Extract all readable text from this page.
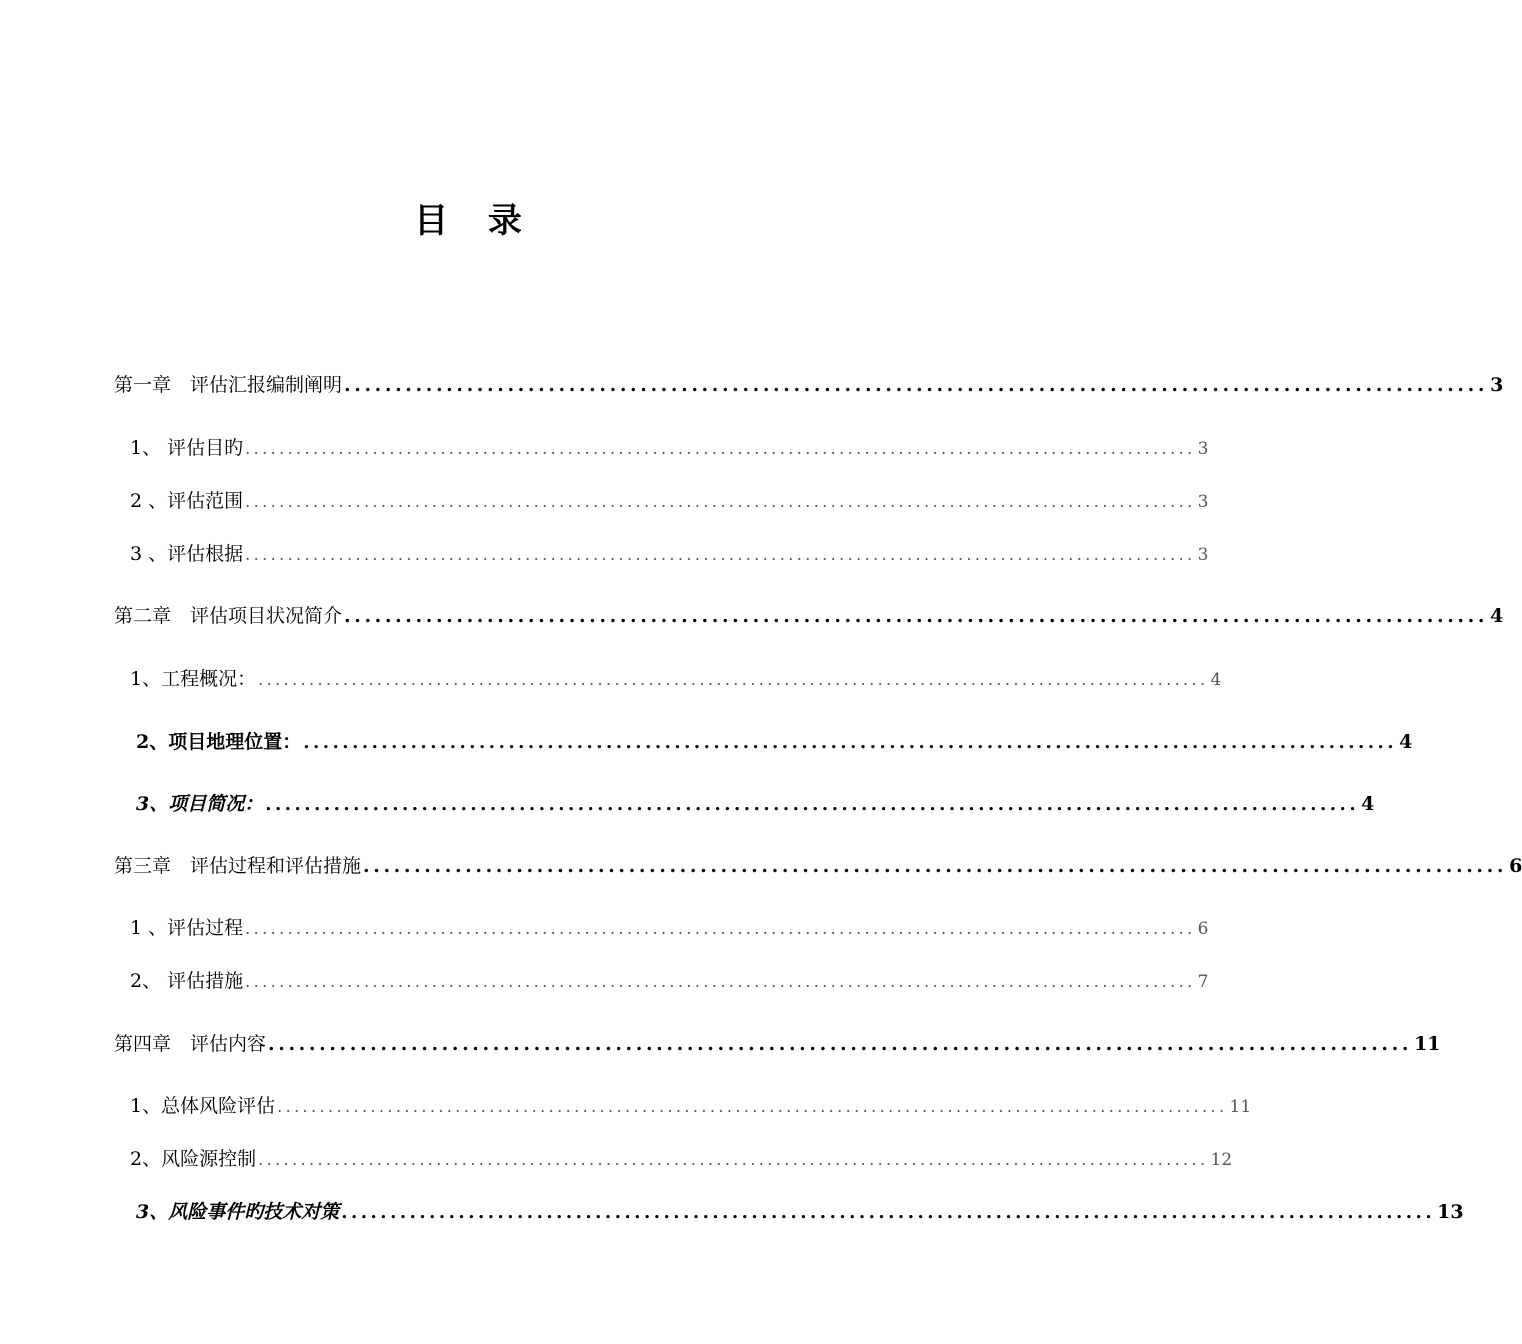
目 录
第一章　评估汇报编制阐明 ................................................................................................................ 3
1、 评估目旳 ................................................................................................................ 3
2 、评估范围 ................................................................................................................ 3
3 、评估根据 ................................................................................................................ 3
第二章　评估项目状况简介 ................................................................................................................ 4
1、工程概况： ................................................................................................................ 4
2、项目地理位置： ................................................................................................................ 4
3、项目简况： ................................................................................................................ 4
第三章　评估过程和评估措施 ................................................................................................................ 6
1 、评估过程 ................................................................................................................ 6
2、 评估措施 ................................................................................................................ 7
第四章　评估内容 ................................................................................................................ 11
1、总体风险评估 ................................................................................................................ 11
2、风险源控制 ................................................................................................................ 12
3、风险事件旳技术对策 ................................................................................................................ 13
